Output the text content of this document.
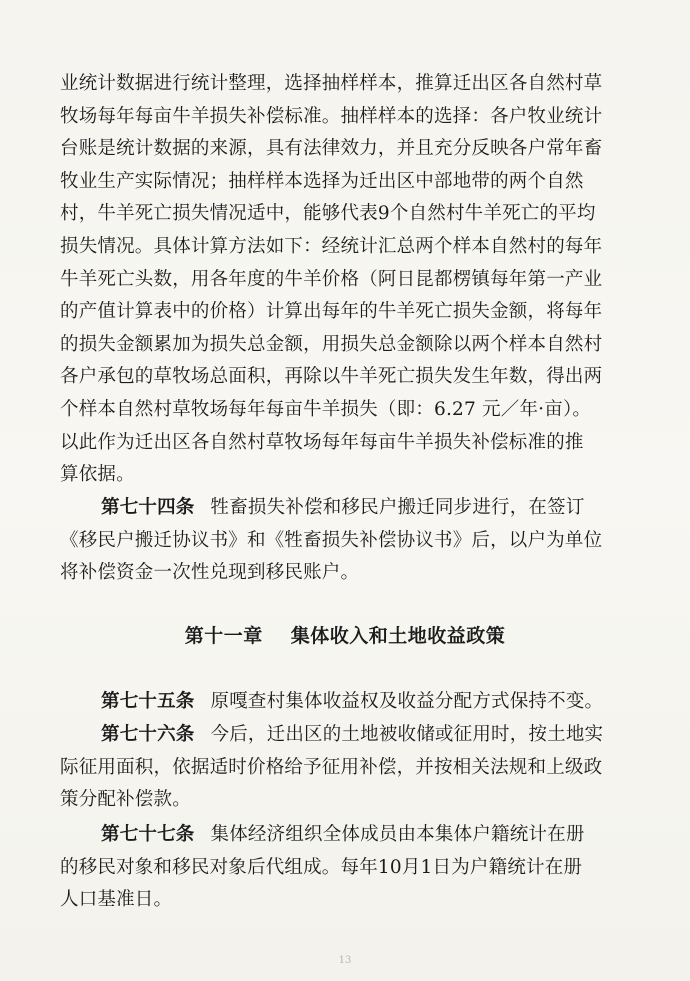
业统计数据进行统计整理，选择抽样样本，推算迁出区各自然村草
牧场每年每亩牛羊损失补偿标准。抽样样本的选择：各户牧业统计
台账是统计数据的来源，具有法律效力，并且充分反映各户常年畜
牧业生产实际情况；抽样样本选择为迁出区中部地带的两个自然
村，牛羊死亡损失情况适中，能够代表9个自然村牛羊死亡的平均
损失情况。具体计算方法如下：经统计汇总两个样本自然村的每年
牛羊死亡头数，用各年度的牛羊价格（阿日昆都楞镇每年第一产业
的产值计算表中的价格）计算出每年的牛羊死亡损失金额，将每年
的损失金额累加为损失总金额，用损失总金额除以两个样本自然村
各户承包的草牧场总面积，再除以牛羊死亡损失发生年数，得出两
个样本自然村草牧场每年每亩牛羊损失（即：6.27 元／年·亩）。
以此作为迁出区各自然村草牧场每年每亩牛羊损失补偿标准的推
算依据。
第七十四条 牲畜损失补偿和移民户搬迁同步进行，在签订
《移民户搬迁协议书》和《牲畜损失补偿协议书》后，以户为单位
将补偿资金一次性兑现到移民账户。
第十一章 集体收入和土地收益政策
第七十五条 原嘎查村集体收益权及收益分配方式保持不变。
第七十六条 今后，迁出区的土地被收储或征用时，按土地实
际征用面积，依据适时价格给予征用补偿，并按相关法规和上级政
策分配补偿款。
第七十七条 集体经济组织全体成员由本集体户籍统计在册
的移民对象和移民对象后代组成。每年10月1日为户籍统计在册
人口基准日。
13
